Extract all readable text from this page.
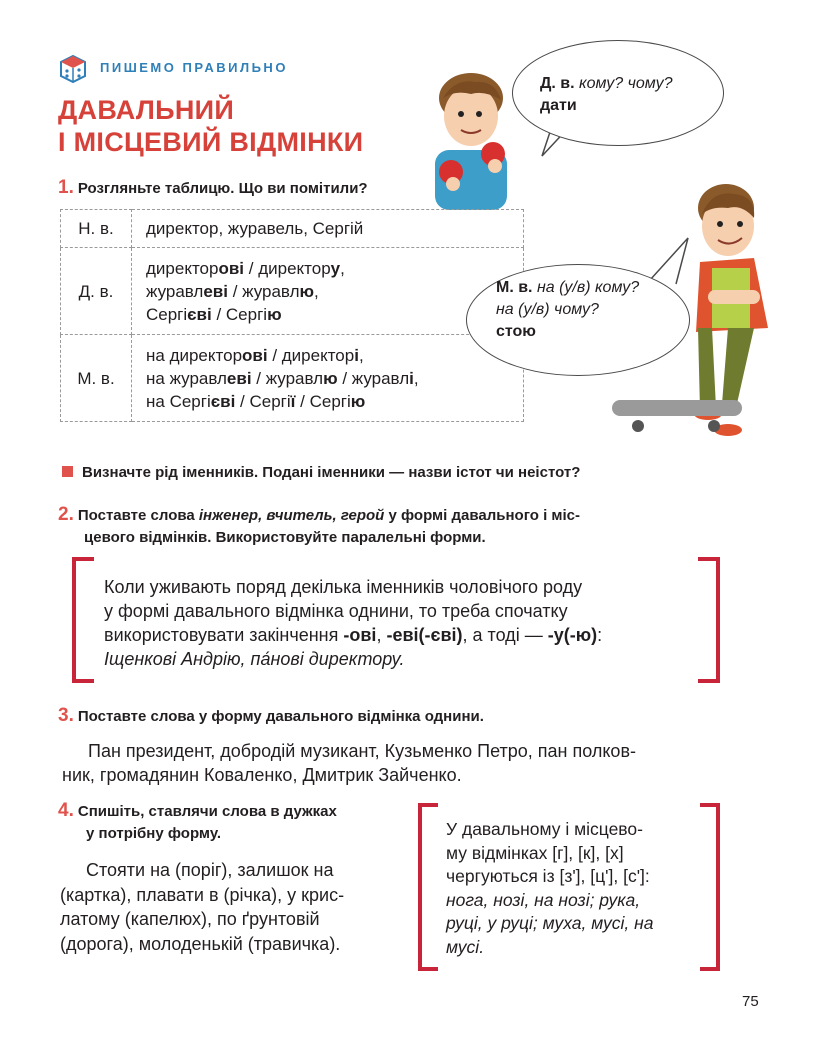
ПИШЕМО ПРАВИЛЬНО
ДАВАЛЬНИЙ
І МІСЦЕВИЙ ВІДМІНКИ
Д. в. кому? чому?
дати
1. Розгляньте таблицю. Що ви помітили?
Н. в.	директор, журавель, Сергій

Д. в.	директорові / директору,
журавлеві / журавлю,
Сергієві / Сергію

М. в.	на директорові / директорі,
на журавлеві / журавлю / журавлі,
на Сергієві / Сергії / Сергію
М. в. на (у/в) кому?
на (у/в) чому?
стою
Визначте рід іменників. Подані іменники — назви істот чи неістот?
2. Поставте слова інженер, вчитель, герой у формі давального і міс-
цевого відмінків. Використовуйте паралельні форми.
Коли уживають поряд декілька іменників чоловічого роду
у формі давального відмінка однини, то треба спочатку
використовувати закінчення -ові, -еві(-єві), а тоді — -у(-ю):
Іщенкові Андрію, панові директору.
3. Поставте слова у форму давального відмінка однини.
Пан президент, добродій музикант, Кузьменко Петро, пан полков-
ник, громадянин Коваленко, Дмитрик Зайченко.
4. Спишіть, ставлячи слова в дужках
у потрібну форму.
Стояти на (поріг), залишок на
(картка), плавати в (річка), у крис-
латому (капелюх), по ґрунтовій
(дорога), молоденькій (травичка).
У давальному і місцево-
му відмінках [г], [к], [х]
чергуються із [з'], [ц'], [с']:
нога, нозі, на нозі; рука,
руці, у руці; муха, мусі, на
мусі.
75
